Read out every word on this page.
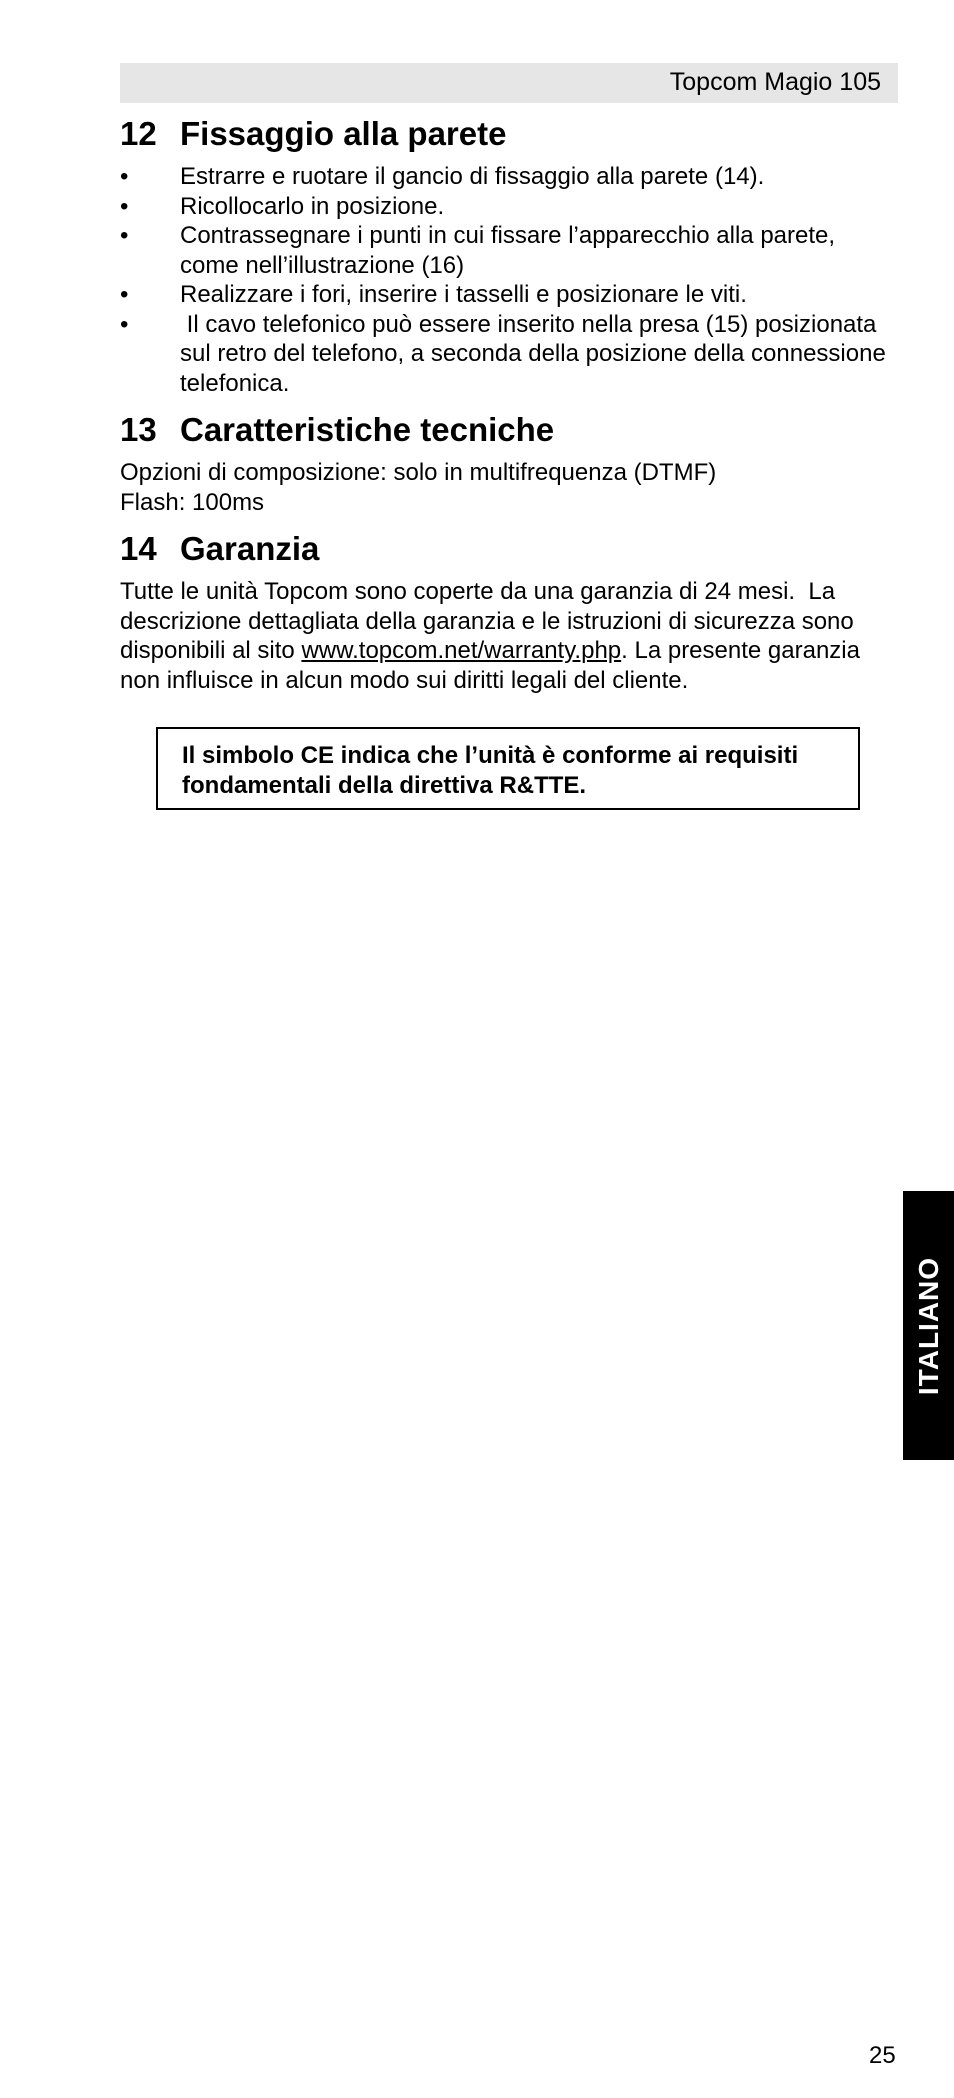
Topcom Magio 105
12 Fissaggio alla parete
•	Estrarre e ruotare il gancio di fissaggio alla parete (14).
•	Ricollocarlo in posizione.
•	Contrassegnare i punti in cui fissare l’apparecchio alla parete, come nell’illustrazione (16)
•	Realizzare i fori, inserire i tasselli e posizionare le viti.
•	Il cavo telefonico può essere inserito nella presa (15) posizionata sul retro del telefono, a seconda della posizione della connessione telefonica.
13 Caratteristiche tecniche

Opzioni di composizione: solo in multifrequenza (DTMF)

Flash: 100ms

14 Garanzia

Tutte le unità Topcom sono coperte da una garanzia di 24 mesi.  La descrizione dettagliata della garanzia e le istruzioni di sicurezza sono disponibili al sito www.topcom.net/warranty.php. La presente garanzia non influisce in alcun modo sui diritti legali del cliente.

Il simbolo CE indica che l’unità è conforme ai requisiti fondamentali della direttiva R&TTE.
ITALIANO
25
